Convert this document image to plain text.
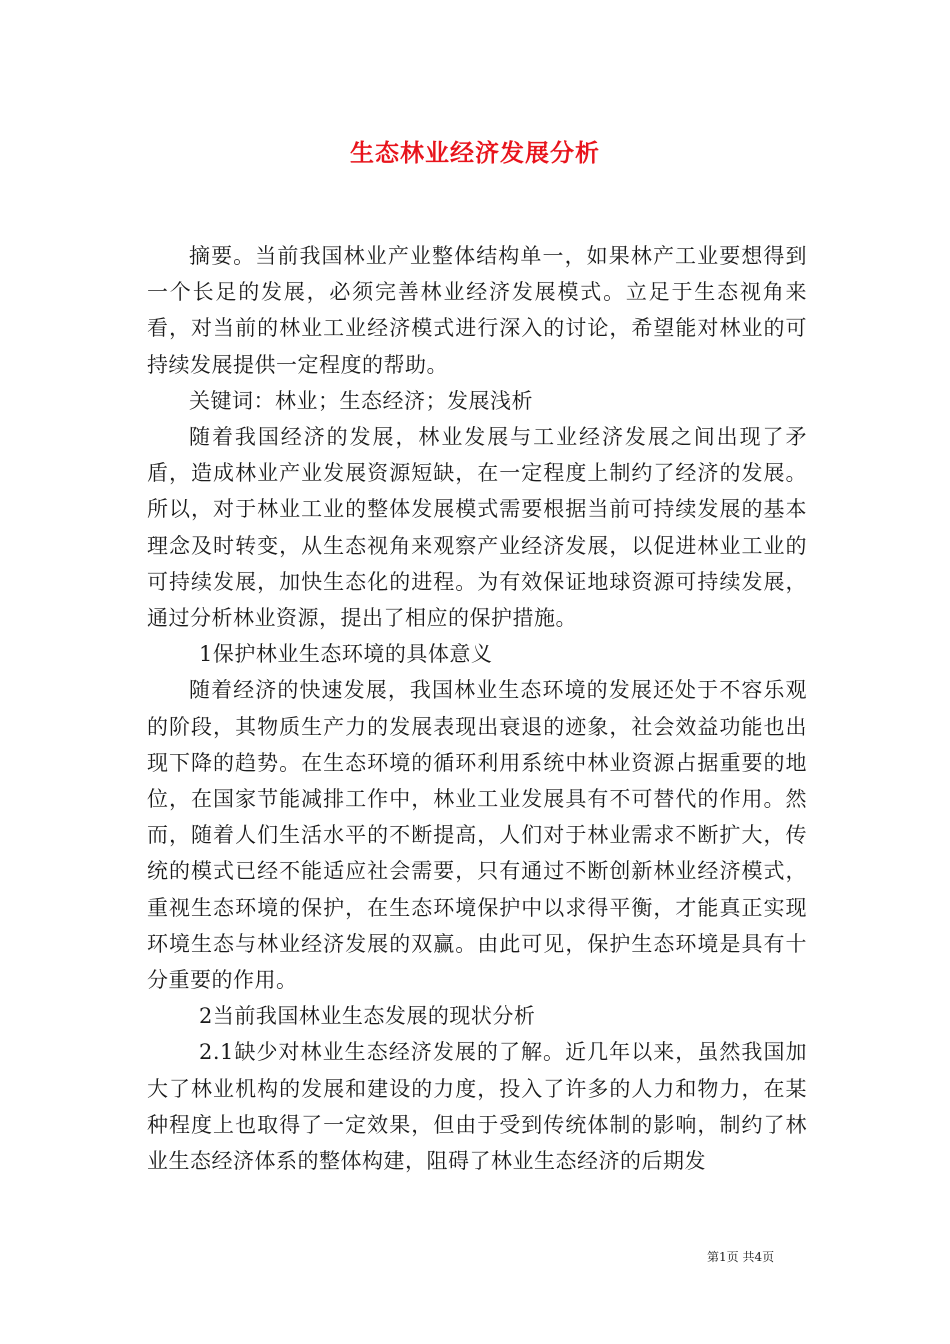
生态林业经济发展分析

摘要。当前我国林业产业整体结构单一，如果林产工业要想得到一个长足的发展，必须完善林业经济发展模式。立足于生态视角来看，对当前的林业工业经济模式进行深入的讨论，希望能对林业的可持续发展提供一定程度的帮助。

关键词：林业；生态经济；发展浅析

随着我国经济的发展，林业发展与工业经济发展之间出现了矛盾，造成林业产业发展资源短缺，在一定程度上制约了经济的发展。所以，对于林业工业的整体发展模式需要根据当前可持续发展的基本理念及时转变，从生态视角来观察产业经济发展，以促进林业工业的可持续发展，加快生态化的进程。为有效保证地球资源可持续发展，通过分析林业资源，提出了相应的保护措施。

1保护林业生态环境的具体意义

随着经济的快速发展，我国林业生态环境的发展还处于不容乐观的阶段，其物质生产力的发展表现出衰退的迹象，社会效益功能也出现下降的趋势。在生态环境的循环利用系统中林业资源占据重要的地位，在国家节能减排工作中，林业工业发展具有不可替代的作用。然而，随着人们生活水平的不断提高，人们对于林业需求不断扩大，传统的模式已经不能适应社会需要，只有通过不断创新林业经济模式，重视生态环境的保护，在生态环境保护中以求得平衡，才能真正实现环境生态与林业经济发展的双赢。由此可见，保护生态环境是具有十分重要的作用。

2当前我国林业生态发展的现状分析

2.1缺少对林业生态经济发展的了解。近几年以来，虽然我国加大了林业机构的发展和建设的力度，投入了许多的人力和物力，在某种程度上也取得了一定效果，但由于受到传统体制的影响，制约了林业生态经济体系的整体构建，阻碍了林业生态经济的后期发

第1页 共4页
